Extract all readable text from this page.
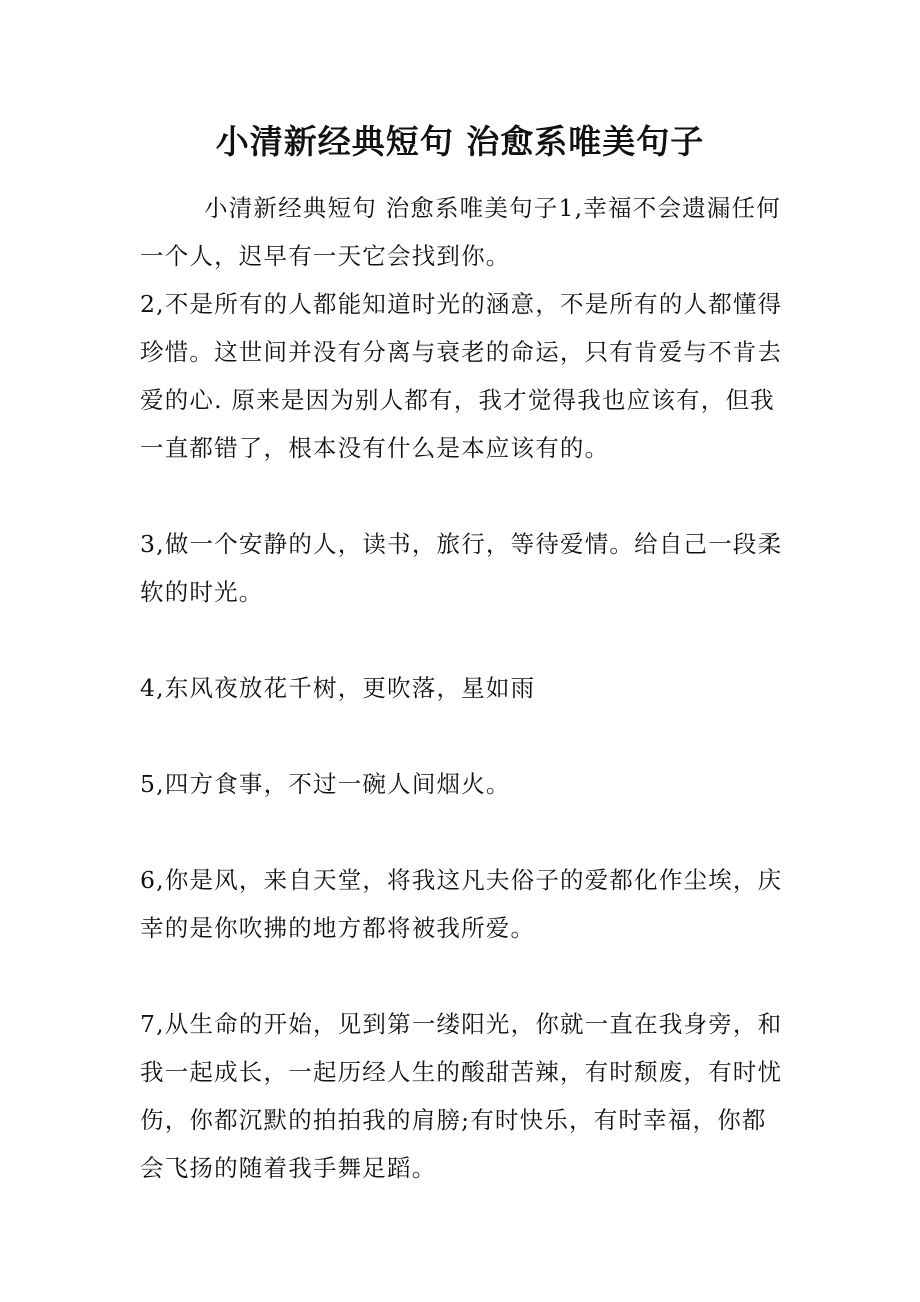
小清新经典短句 治愈系唯美句子

小清新经典短句 治愈系唯美句子1,幸福不会遗漏任何一个人，迟早有一天它会找到你。

2,不是所有的人都能知道时光的涵意，不是所有的人都懂得珍惜。这世间并没有分离与衰老的命运，只有肯爱与不肯去爱的心. 原来是因为别人都有，我才觉得我也应该有，但我一直都错了，根本没有什么是本应该有的。

3,做一个安静的人，读书，旅行，等待爱情。给自己一段柔软的时光。

4,东风夜放花千树，更吹落，星如雨

5,四方食事，不过一碗人间烟火。

6,你是风，来自天堂，将我这凡夫俗子的爱都化作尘埃，庆幸的是你吹拂的地方都将被我所爱。

7,从生命的开始，见到第一缕阳光，你就一直在我身旁，和我一起成长，一起历经人生的酸甜苦辣，有时颓废，有时忧伤，你都沉默的拍拍我的肩膀;有时快乐，有时幸福，你都会飞扬的随着我手舞足蹈。
